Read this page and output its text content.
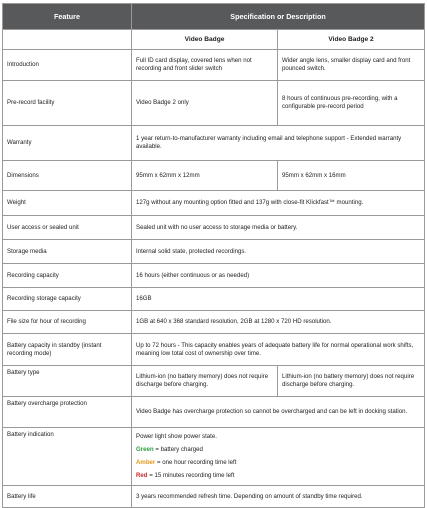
Feature	Specification or Description	
	Video Badge	Video Badge 2
Introduction	Full ID card display, covered lens when not recording and front slider switch	Wider angle lens, smaller display card and front pounced switch.
Pre-record facility	Video Badge 2 only	8 hours of continuous pre-recording, with a configurable pre-record period
Warranty	1 year return-to-manufacturer warranty including email and telephone support - Extended warranty available.	
Dimensions	95mm x 62mm x 12mm	95mm x 62mm x 16mm
Weight	127g without any mounting option fitted and 137g with close-fit Klickfast™ mounting.	
User access or sealed unit	Sealed unit with no user access to storage media or battery.	
Storage media	Internal solid state, protected recordings.	
Recording capacity	16 hours (either continuous or as needed)	
Recording storage capacity	16GB	
File size for hour of recording	1GB at 640 x 368 standard resolution, 2GB at 1280 x 720 HD resolution.	
Battery capacity in standby (instant recording mode)	Up to 72 hours - This capacity enables years of adequate battery life for normal operational work shifts, meaning low total cost of ownership over time.	
Battery type	Lithium-ion (no battery memory) does not require discharge before charging.	Lithium-ion (no battery memory) does not require discharge before charging.
Battery overcharge protection	Video Badge has overcharge protection so cannot be overcharged and can be left in docking station.	
Battery indication	Power light show power state.

Green = battery charged

Amber = one hour recording time left

Red = 15 minutes recording time left	

Battery life	3 years recommended refresh time. Depending on amount of standby time required.	
